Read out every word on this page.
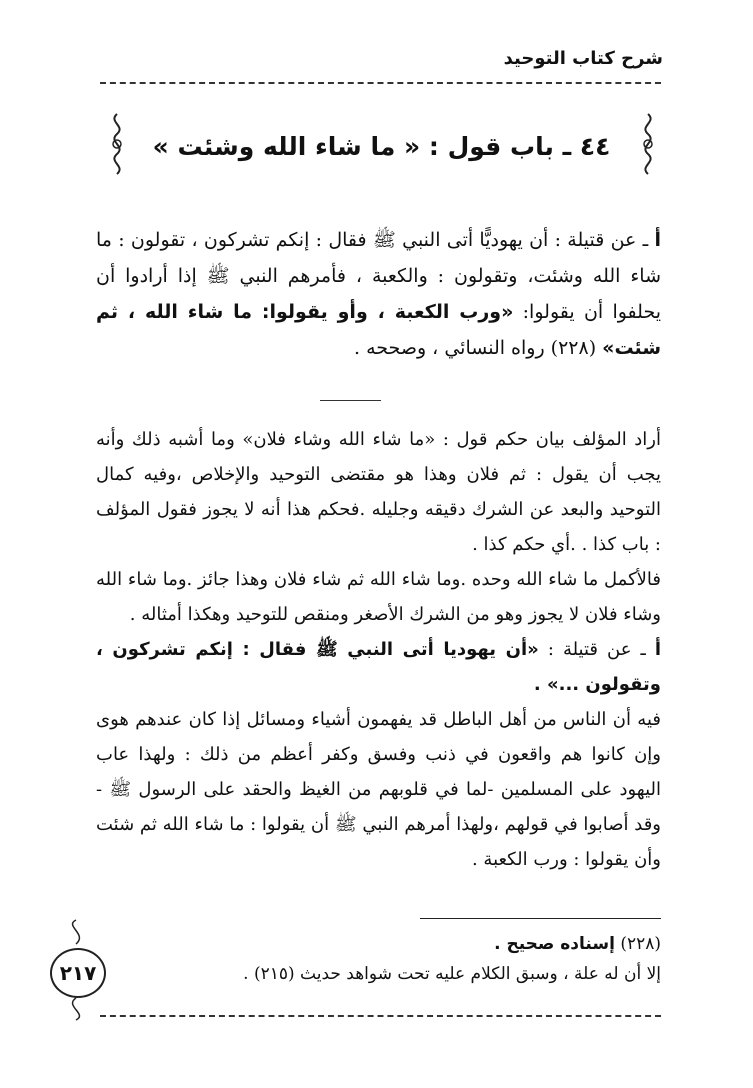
شرح كتاب التوحيد
٤٤ ـ باب قول : « ما شاء الله وشئت »

أ ـ عن قتيلة : أن يهوديًّا أتى النبي ﷺ فقال : إنكم تشركون ، تقولون : ما شاء الله وشئت، وتقولون : والكعبة ، فأمرهم النبي ﷺ إذا أرادوا أن يحلفوا أن يقولوا: «ورب الكعبة ، وأو يقولوا: ما شاء الله ، ثم شئت» (٢٢٨) رواه النسائي ، وصححه .

أراد المؤلف بيان حكم قول : «ما شاء الله وشاء فلان» وما أشبه ذلك وأنه يجب أن يقول : ثم فلان وهذا هو مقتضى التوحيد والإخلاص ،وفيه كمال التوحيد والبعد عن الشرك دقيقه وجليله .فحكم هذا أنه لا يجوز فقول المؤلف : باب كذا . .أي حكم كذا .

فالأكمل ما شاء الله وحده .وما شاء الله ثم شاء فلان وهذا جائز .وما شاء الله وشاء فلان لا يجوز وهو من الشرك الأصغر ومنقص للتوحيد وهكذا أمثاله .

أ ـ عن قتيلة : «أن يهوديا أتى النبي ﷺ فقال : إنكم تشركون ، وتقولون ...» .

فيه أن الناس من أهل الباطل قد يفهمون أشياء ومسائل إذا كان عندهم هوى وإن كانوا هم واقعون في ذنب وفسق وكفر أعظم من ذلك : ولهذا عاب اليهود على المسلمين -لما في قلوبهم من الغيظ والحقد على الرسول ﷺ - وقد أصابوا في قولهم ،ولهذا أمرهم النبي ﷺ أن يقولوا : ما شاء الله ثم شئت وأن يقولوا : ورب الكعبة .

(٢٢٨) إسناده صحيح .
إلا أن له علة ، وسبق الكلام عليه تحت شواهد حديث (٢١٥) .
٢١٧
